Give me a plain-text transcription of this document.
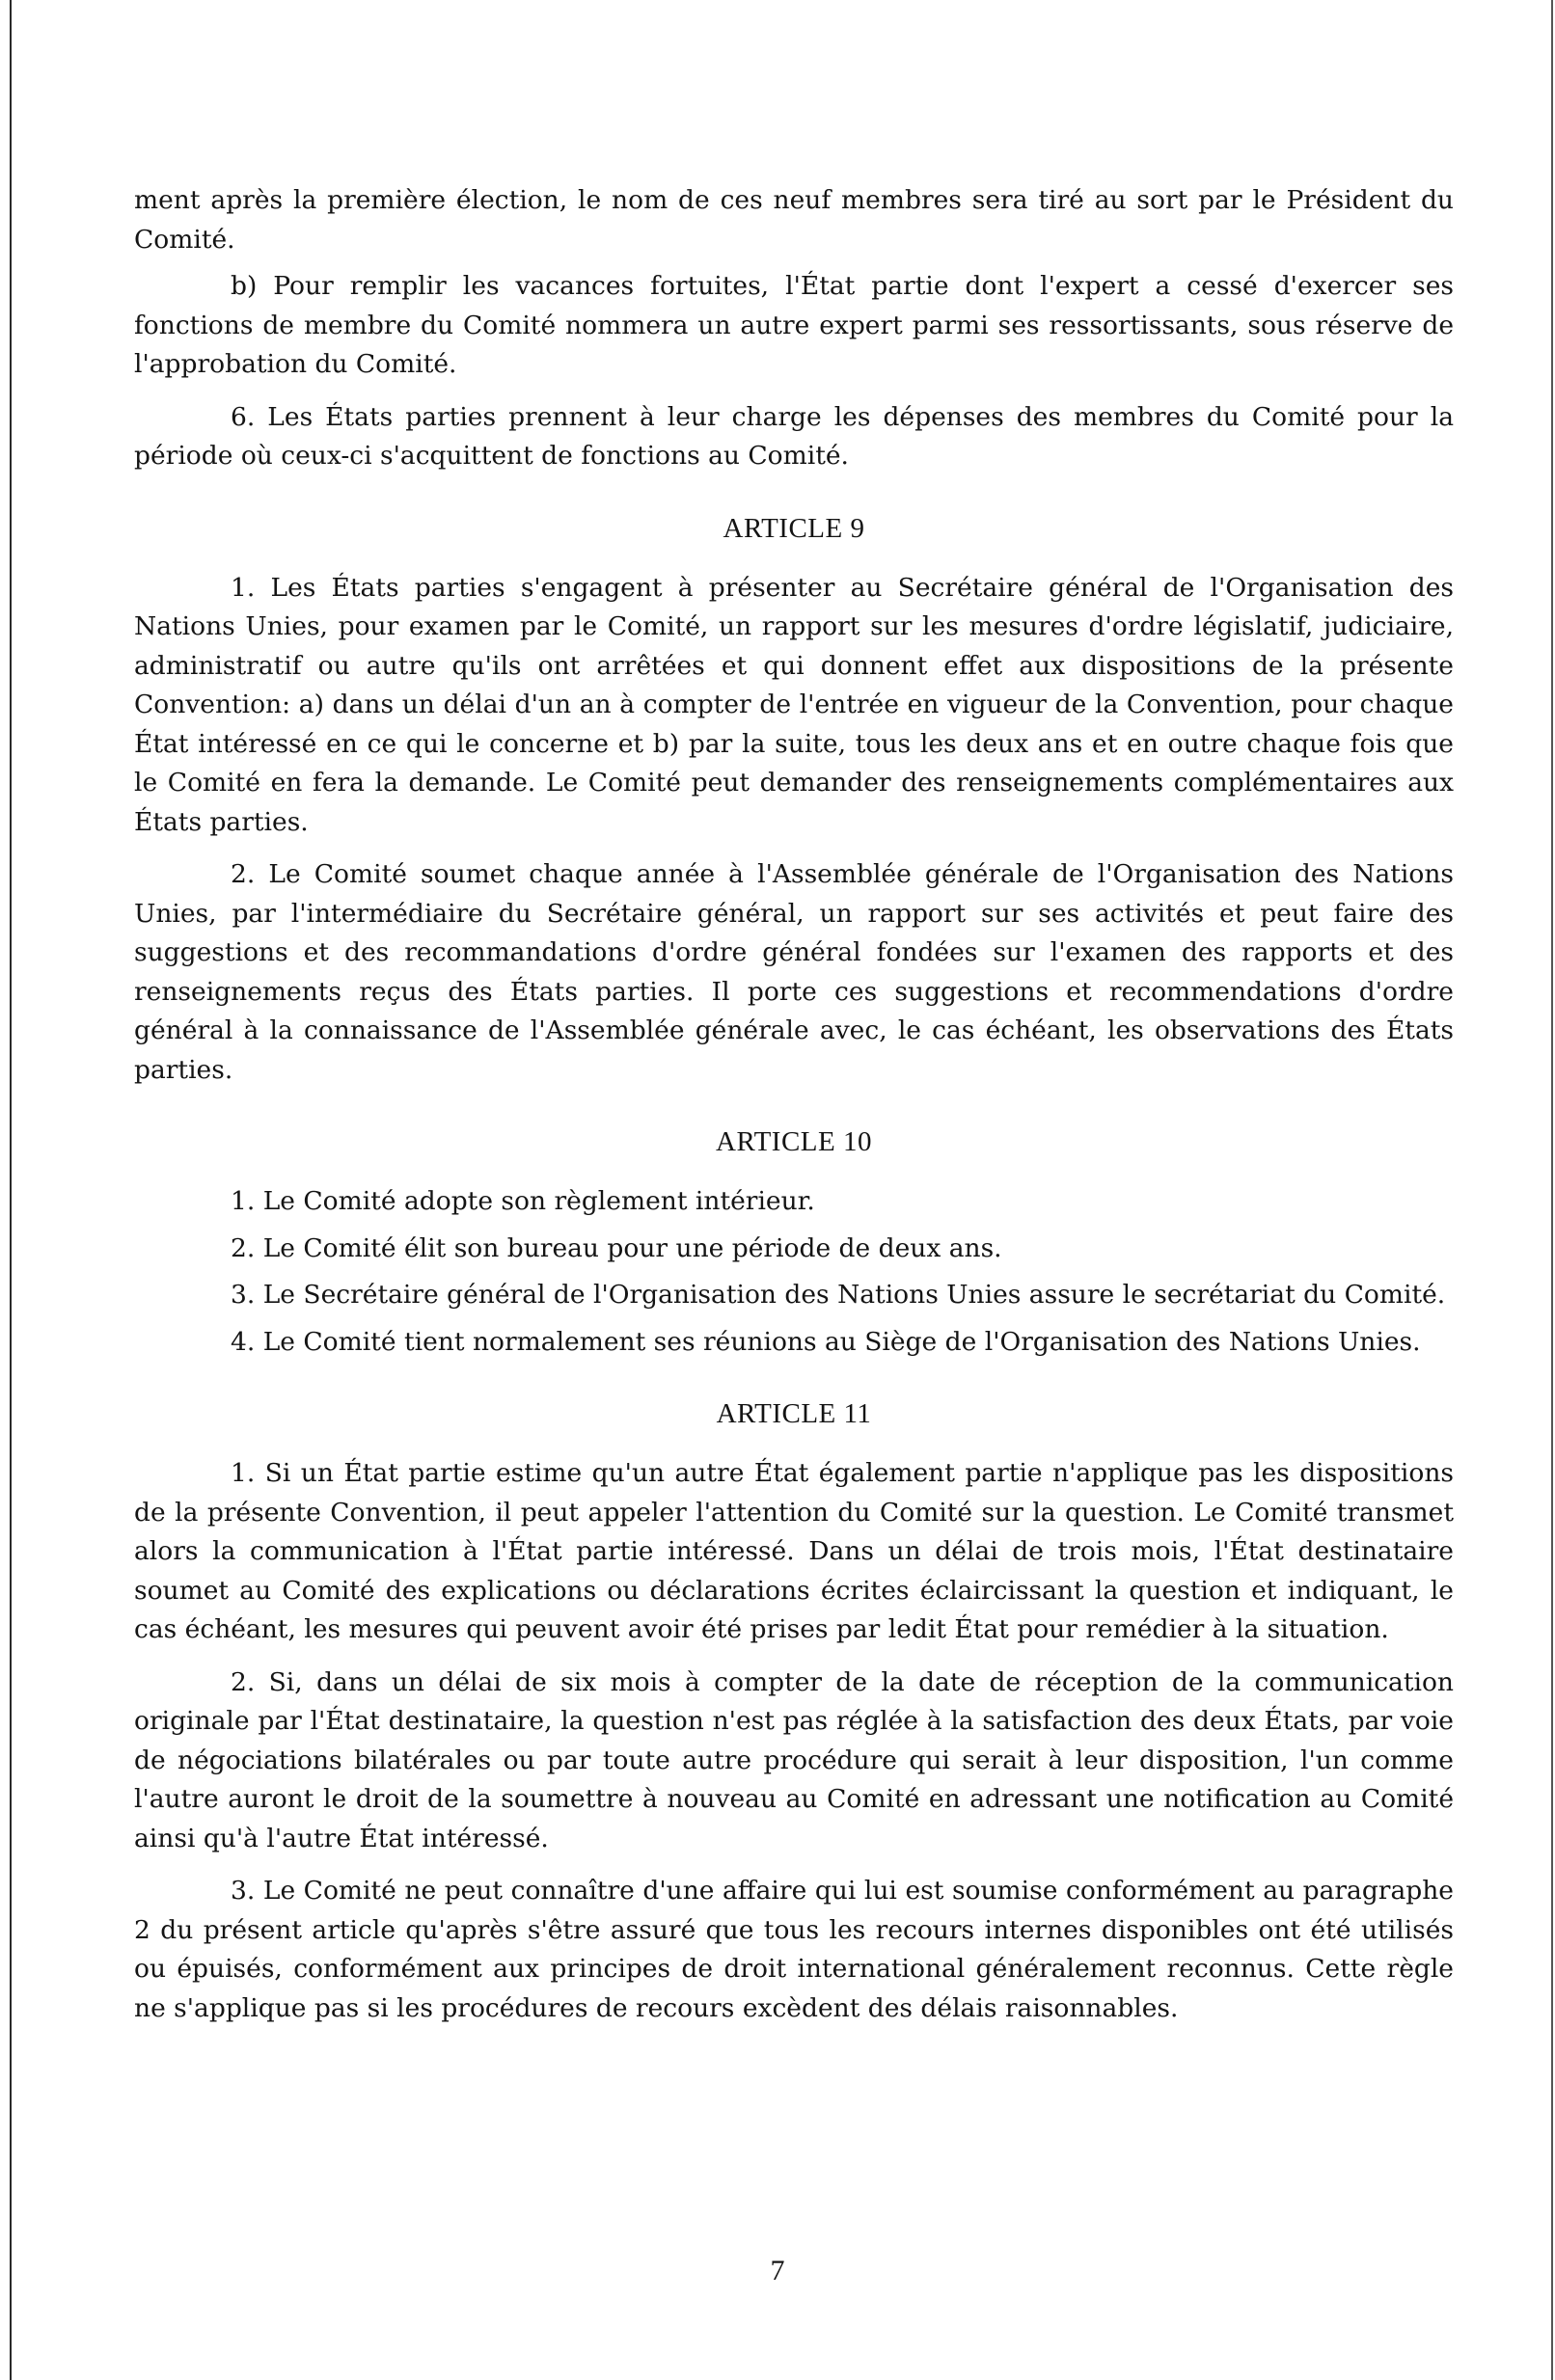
ment après la première élection, le nom de ces neuf membres sera tiré au sort par le Président du Comité.

b) Pour remplir les vacances fortuites, l'État partie dont l'expert a cessé d'exercer ses fonctions de membre du Comité nommera un autre expert parmi ses ressortissants, sous réserve de l'approbation du Comité.

6. Les États parties prennent à leur charge les dépenses des membres du Comité pour la période où ceux-ci s'acquittent de fonctions au Comité.

ARTICLE 9

1. Les États parties s'engagent à présenter au Secrétaire général de l'Organisation des Nations Unies, pour examen par le Comité, un rapport sur les mesures d'ordre législatif, judiciaire, administratif ou autre qu'ils ont arrêtées et qui donnent effet aux dispositions de la présente Convention: a) dans un délai d'un an à compter de l'entrée en vigueur de la Convention, pour chaque État intéressé en ce qui le concerne et b) par la suite, tous les deux ans et en outre chaque fois que le Comité en fera la demande. Le Comité peut demander des renseignements complémentaires aux États parties.

2. Le Comité soumet chaque année à l'Assemblée générale de l'Organisation des Nations Unies, par l'intermédiaire du Secrétaire général, un rapport sur ses activités et peut faire des suggestions et des recommandations d'ordre général fondées sur l'examen des rapports et des renseignements reçus des États parties. Il porte ces suggestions et recommendations d'ordre général à la connaissance de l'Assemblée générale avec, le cas échéant, les observations des États parties.

ARTICLE 10

1. Le Comité adopte son règlement intérieur.

2. Le Comité élit son bureau pour une période de deux ans.

3. Le Secrétaire général de l'Organisation des Nations Unies assure le secrétariat du Comité.

4. Le Comité tient normalement ses réunions au Siège de l'Organisation des Nations Unies.

ARTICLE 11

1. Si un État partie estime qu'un autre État également partie n'applique pas les dispositions de la présente Convention, il peut appeler l'attention du Comité sur la question. Le Comité transmet alors la communication à l'État partie intéressé. Dans un délai de trois mois, l'État destinataire soumet au Comité des explications ou déclarations écrites éclaircissant la question et indiquant, le cas échéant, les mesures qui peuvent avoir été prises par ledit État pour remédier à la situation.

2. Si, dans un délai de six mois à compter de la date de réception de la communication originale par l'État destinataire, la question n'est pas réglée à la satisfaction des deux États, par voie de négociations bilatérales ou par toute autre procédure qui serait à leur disposition, l'un comme l'autre auront le droit de la soumettre à nouveau au Comité en adressant une notification au Comité ainsi qu'à l'autre État intéressé.

3. Le Comité ne peut connaître d'une affaire qui lui est soumise conformément au paragraphe 2 du présent article qu'après s'être assuré que tous les recours internes disponibles ont été utilisés ou épuisés, conformément aux principes de droit international généralement reconnus. Cette règle ne s'applique pas si les procédures de recours excèdent des délais raisonnables.

7
